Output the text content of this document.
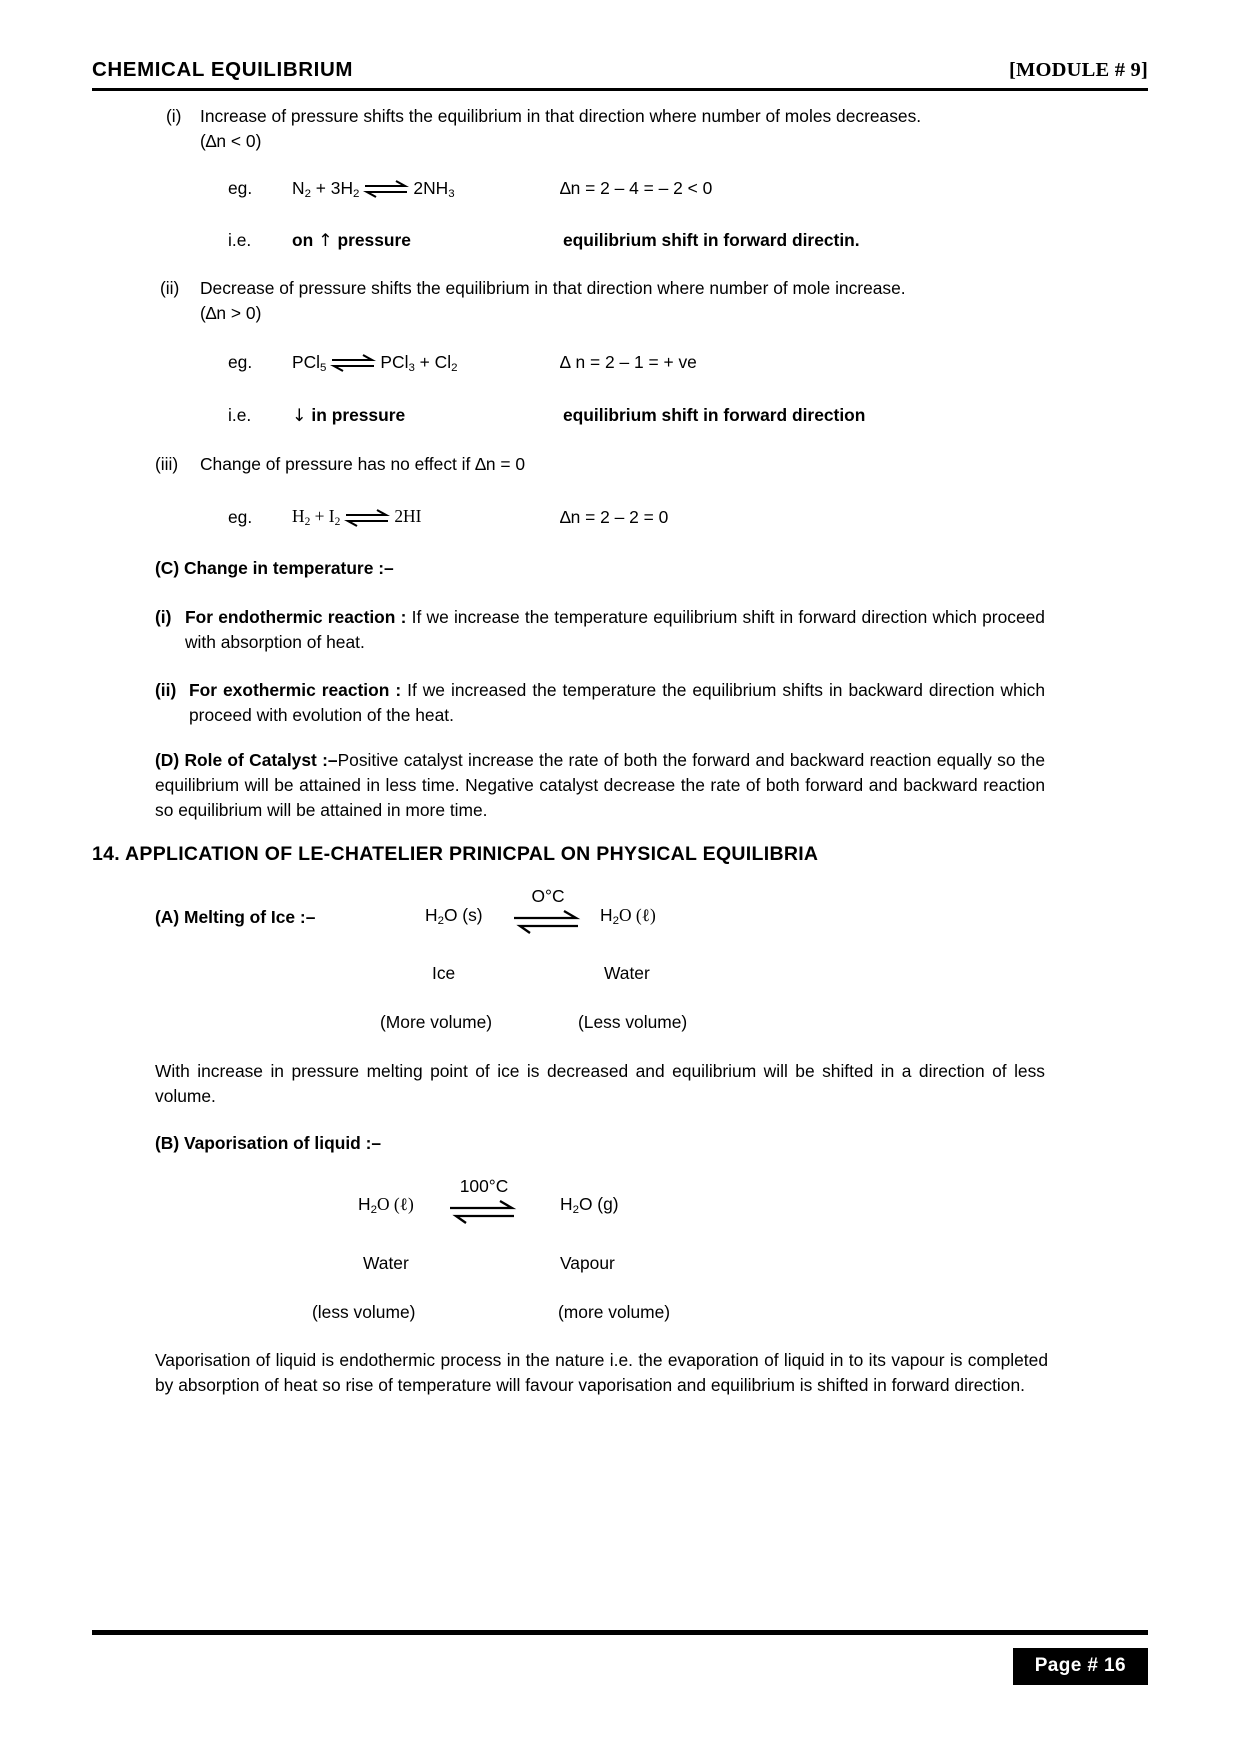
CHEMICAL EQUILIBRIUM	[MODULE # 9]
(i)	Increase of pressure shifts the equilibrium in that direction where number of moles decreases.
(∆n < 0)
eg. $N_2 + 3H_2$ ⇌ $2NH_3$	∆n = 2 – 4 = – 2 < 0
i.e. on ↑ pressure	equilibrium shift in forward directin.
(ii)	Decrease of pressure shifts the equilibrium in that direction where number of mole increase.
(∆n > 0)
eg. PCl$_5$ ⇌ $PCl_3 + Cl_2$	∆ n = 2 – 1 = + ve
i.e. ↓ in pressure	equilibrium shift in forward direction
(iii)	Change of pressure has no effect if ∆n = 0
eg. $H_2 + I_2$ ⇌ 2HI	∆n = 2 – 2 = 0
(C) Change in temperature :–
(i) For endothermic reaction : If we increase the temperature equilibrium shift in forward direction which proceed with absorption of heat.
(ii) For exothermic reaction : If we increased the temperature the equilibrium shifts in backward direction which proceed with evolution of the heat.
(D) Role of Catalyst :–Positive catalyst increase the rate of both the forward and backward reaction equally so the equilibrium will be attained in less time. Negative catalyst decrease the rate of both forward and backward reaction so equilibrium will be attained in more time.
14. APPLICATION OF LE-CHATELIER PRINICPAL ON PHYSICAL EQUILIBRIA
(A) Melting of Ice :–	$H_2O$ (s)
O°C
$H_2O$ (ℓ)
Ice	Water
(More volume)	(Less volume)
With increase in pressure melting point of ice is decreased and equilibrium will be shifted in a direction of less volume.
(B) Vaporisation of liquid :–
$H_2O$ (ℓ)
100°C
$H_2O$ (g)
Water	Vapour
(less volume)	(more volume)
Vaporisation of liquid is endothermic process in the nature i.e. the evaporation of liquid in to its vapour is completed by absorption of heat so rise of temperature will favour vaporisation and equilibrium is shifted in forward direction.
Page # 16
